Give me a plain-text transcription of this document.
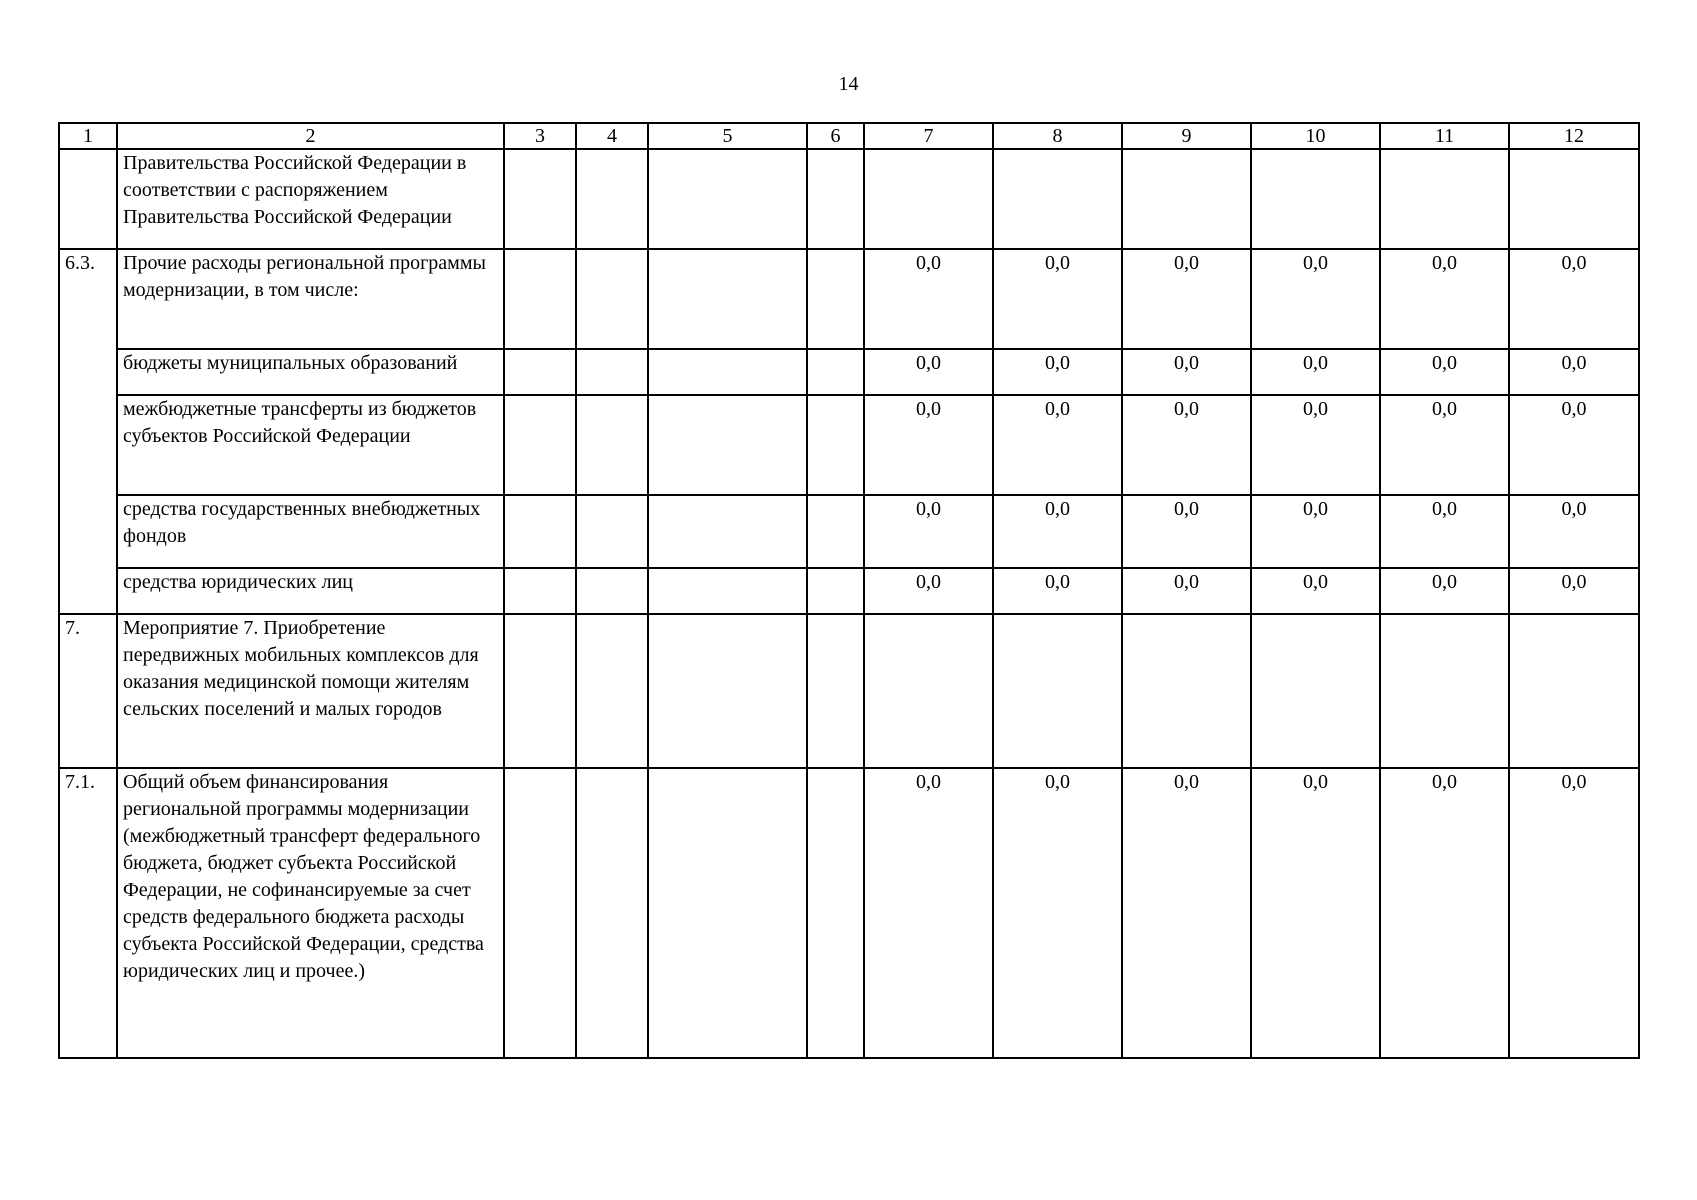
14
1	2	3	4	5	6	7	8	9	10	11	12
	Правительства Российской Федерации в соответствии с распоряжением Правительства Российской Федерации										
6.3.	Прочие расходы региональной программы модернизации, в том числе:					0,0	0,0	0,0	0,0	0,0	0,0
	бюджеты муниципальных образований					0,0	0,0	0,0	0,0	0,0	0,0
	межбюджетные трансферты из бюджетов субъектов Российской Федерации					0,0	0,0	0,0	0,0	0,0	0,0
	средства государственных внебюджетных фондов					0,0	0,0	0,0	0,0	0,0	0,0
	средства юридических лиц					0,0	0,0	0,0	0,0	0,0	0,0
7.	Мероприятие 7. Приобретение передвижных мобильных комплексов для оказания медицинской помощи жителям сельских поселений и малых городов										
7.1.	Общий объем финансирования региональной программы модернизации (межбюджетный трансферт федерального бюджета, бюджет субъекта Российской Федерации, не софинансируемые за счет средств федерального бюджета расходы субъекта Российской Федерации, средства юридических лиц и прочее.)					0,0	0,0	0,0	0,0	0,0	0,0
